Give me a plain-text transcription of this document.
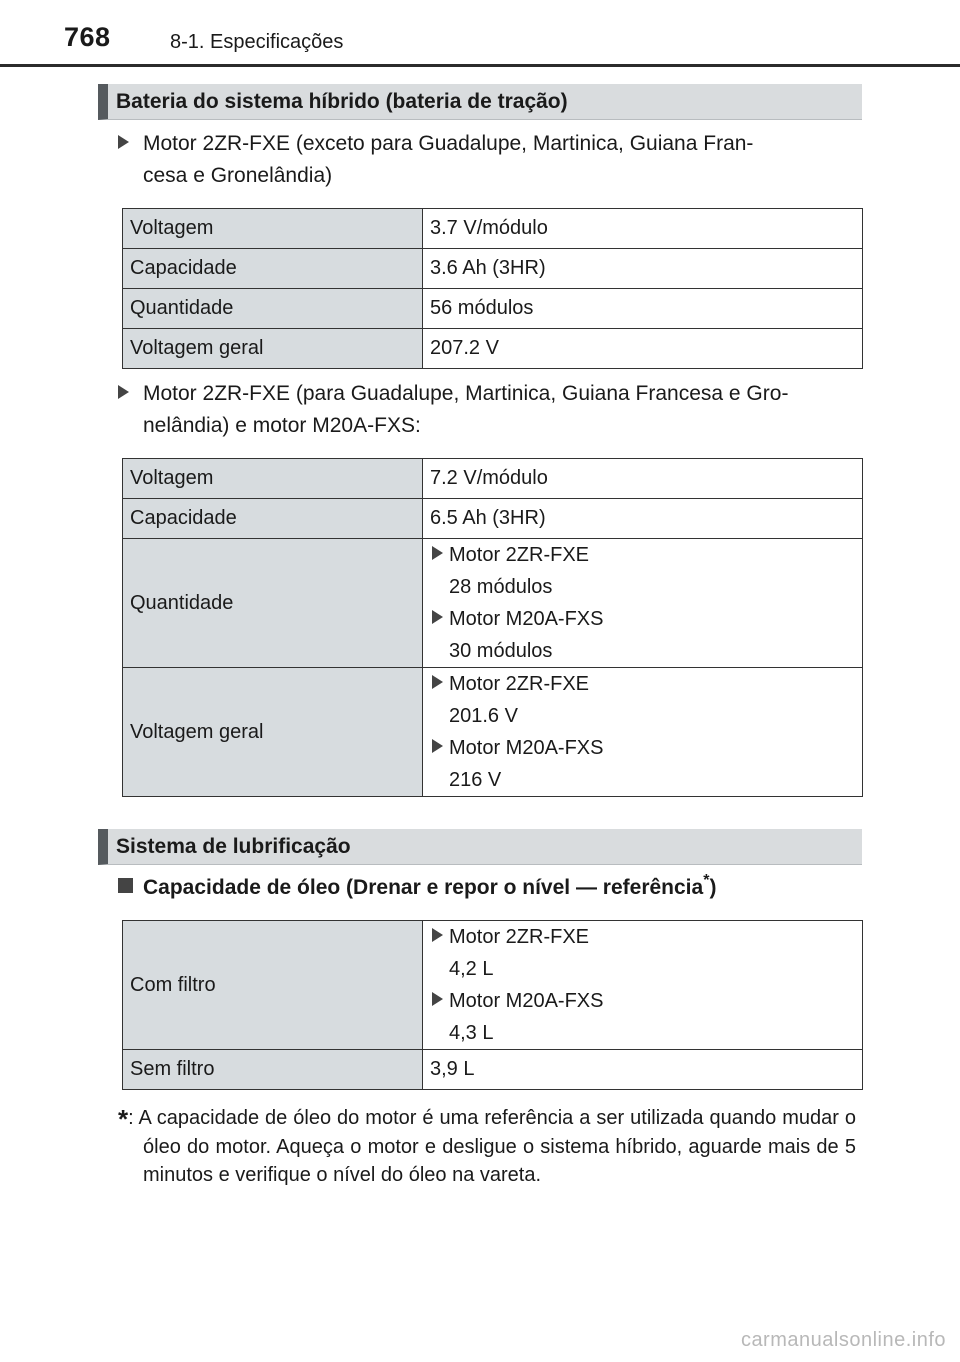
768	8-1. Especificações
Bateria do sistema híbrido (bateria de tração)
Motor 2ZR-FXE (exceto para Guadalupe, Martinica, Guiana Fran-
cesa e Gronelândia)
Voltagem	3.7 V/módulo
Capacidade	3.6 Ah (3HR)
Quantidade	56 módulos
Voltagem geral	207.2 V
Motor 2ZR-FXE (para Guadalupe, Martinica, Guiana Francesa e Gro-
nelândia) e motor M20A-FXS:
Voltagem	7.2 V/módulo
Capacidade	6.5 Ah (3HR)
Quantidade	Motor 2ZR-FXE
28 módulos
Motor M20A-FXS
30 módulos

Voltagem geral	Motor 2ZR-FXE
201.6 V
Motor M20A-FXS
216 V
Sistema de lubrificação
Capacidade de óleo (Drenar e repor o nível — referência*)
Com filtro	Motor 2ZR-FXE
4,2 L
Motor M20A-FXS
4,3 L

Sem filtro	3,9 L
*: A capacidade de óleo do motor é uma referência a ser utilizada quando mudar o óleo do motor. Aqueça o motor e desligue o sistema híbrido, aguarde mais de 5 minutos e verifique o nível do óleo na vareta.
carmanualsonline.info
